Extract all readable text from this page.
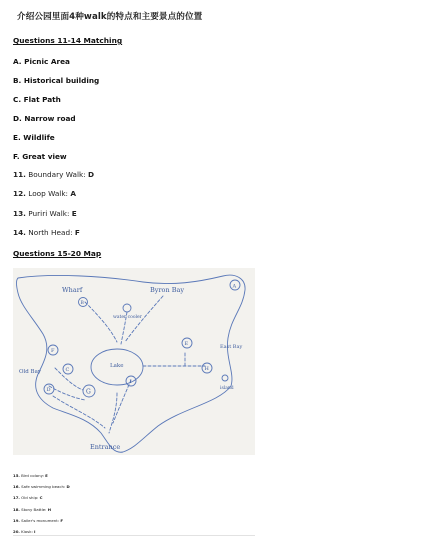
介绍公园里面4种walk的特点和主要景点的位置
Questions 11-14 Matching
A. Picnic Area
B. Historical building
C. Flat Path
D. Narrow road
E. Wildlife
F. Great view
11. Boundary Walk: D
12. Loop Walk: A
13. Puriri Walk: E
14. North Head: F
Questions 15-20 Map
Wharf	Byron Bay	A
B
C
D
E
F
G
H
I
water cooler
East Bay
island
Old Bay
Lake
Entrance
15. Bird colony: E
16. Safe swimming beach: D
17. Old ship: C
18. Stony Battle: H
19. Sailer's monument: F
20. Kiosk: I
